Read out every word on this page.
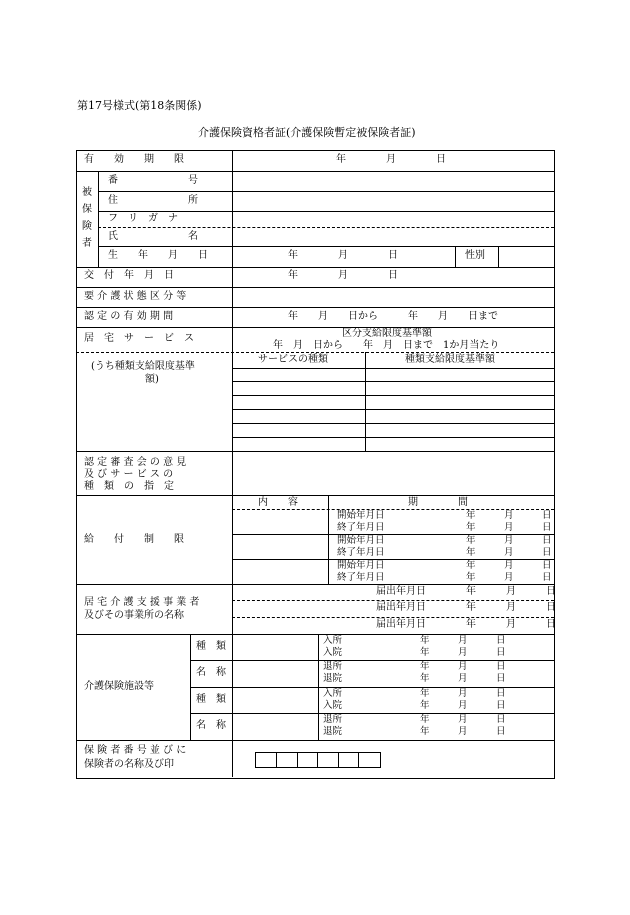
第17号様式(第18条関係)
介護保険資格者証(介護保険暫定被保険者証)
有　　効　　期　　限	年　　　　月　　　　日
被
保
険
者
番　　　　　　　号
住　　　　　　　所
フ　リ　ガ　ナ
氏　　　　　　　名
生　　年　　月　　日	年　　　　月　　　　日	性別
交　付　年　月　日	年　　　　月　　　　日
要 介 護 状 態 区 分 等
認 定 の 有 効 期 間	年　　月　　日から　　　年　　月　　日まで
居　宅　サ　ー　ビ　ス	区分支給限度基準額
年　月　日から　　年　月　日まで　1か月当たり
(うち種類支給限度基準
額)
サービスの種類	種類支給限度基準額
認 定 審 査 会 の 意 見
及 び サ ー ビ ス の
種　類　の　指　定
給　　付　　制　　限
内　　容	期　　　　間
開始年月日	年　　　月　　　日
終了年月日	年　　　月　　　日
開始年月日	年　　　月　　　日
終了年月日	年　　　月　　　日
開始年月日	年　　　月　　　日
終了年月日	年　　　月　　　日
居 宅 介 護 支 援 事 業 者
及びその事業所の名称
届出年月日	年　　　月　　　日
届出年月日	年　　　月　　　日
届出年月日	年　　　月　　　日
介護保険施設等
種　類
入所	年　　　月　　　日
入院	年　　　月　　　日
名　称
退所	年　　　月　　　日
退院	年　　　月　　　日
種　類
入所	年　　　月　　　日
入院	年　　　月　　　日
名　称
退所	年　　　月　　　日
退院	年　　　月　　　日
保 険 者 番 号 並 び に
保険者の名称及び印
